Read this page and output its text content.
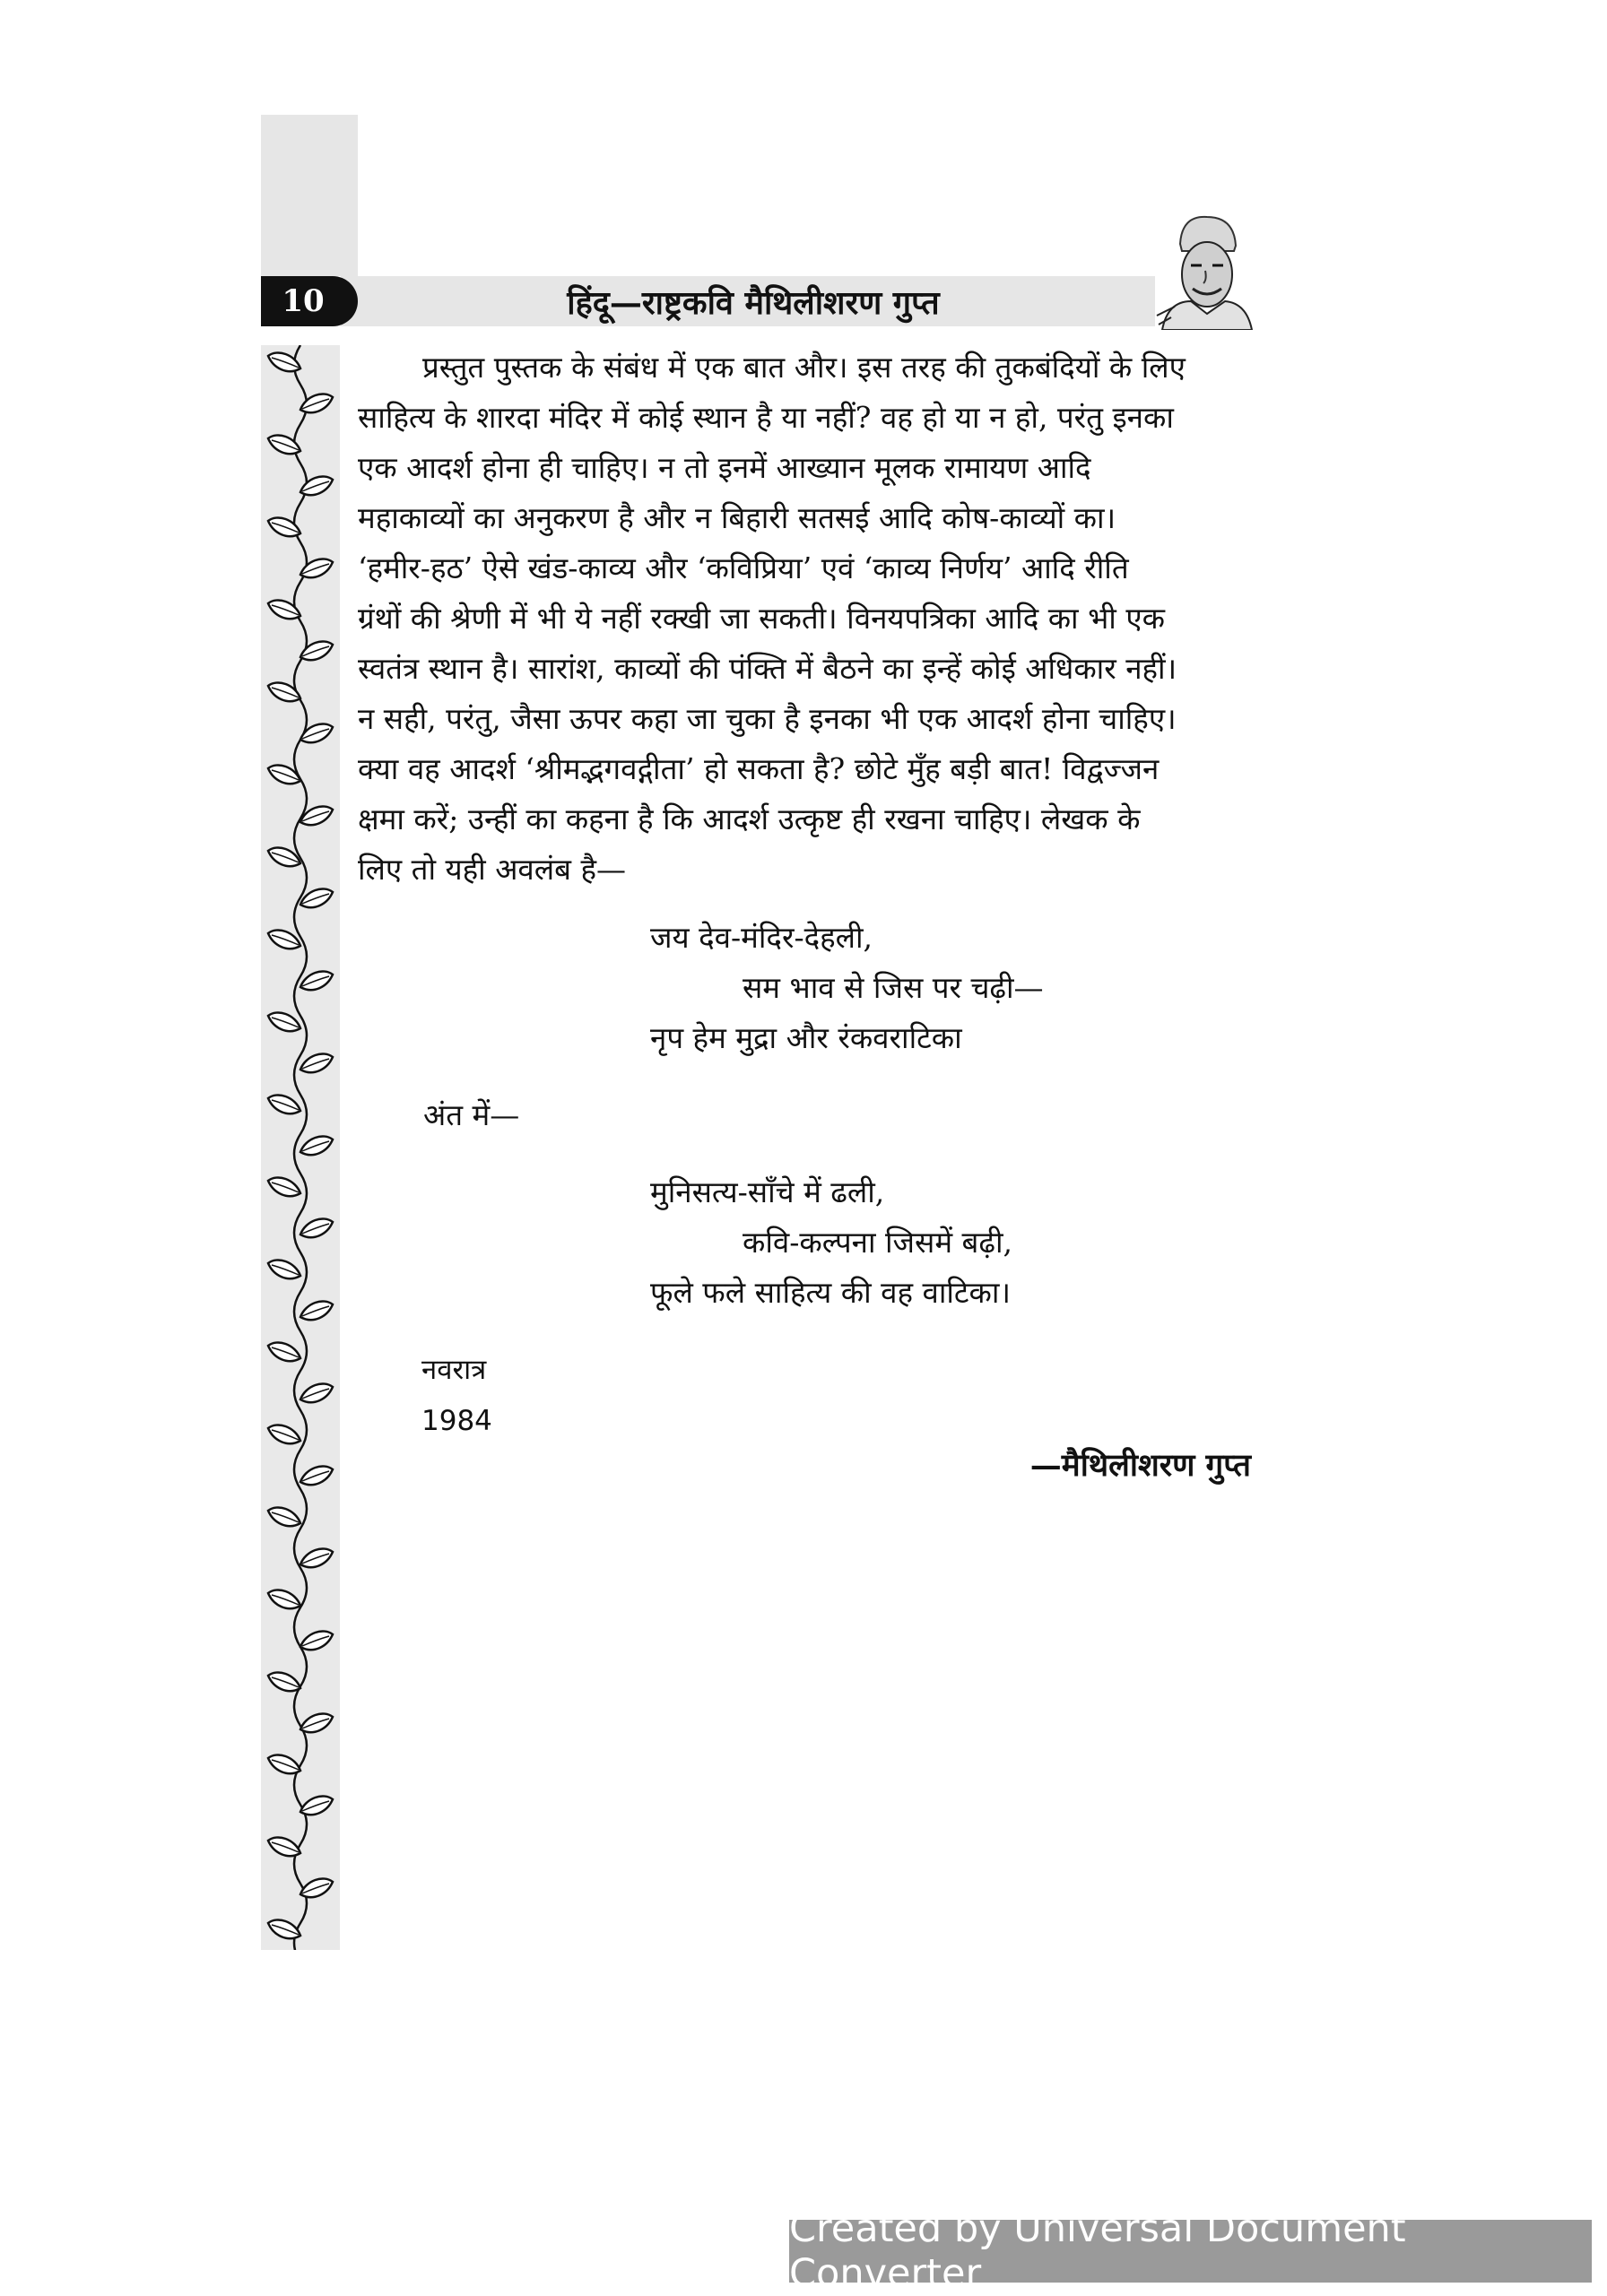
10	हिंदू—राष्ट्रकवि मैथिलीशरण गुप्त
प्रस्तुत पुस्तक के संबंध में एक बात और। इस तरह की तुकबंदियों के लिए
साहित्य के शारदा मंदिर में कोई स्थान है या नहीं? वह हो या न हो, परंतु इनका
एक आदर्श होना ही चाहिए। न तो इनमें आख्यान मूलक रामायण आदि
महाकाव्यों का अनुकरण है और न बिहारी सतसई आदि कोष-काव्यों का।
‘हमीर-हठ’ ऐसे खंड-काव्य और ‘कविप्रिया’ एवं ‘काव्य निर्णय’ आदि रीति
ग्रंथों की श्रेणी में भी ये नहीं रक्खी जा सकती। विनयपत्रिका आदि का भी एक
स्वतंत्र स्थान है। सारांश, काव्यों की पंक्ति में बैठने का इन्हें कोई अधिकार नहीं।
न सही, परंतु, जैसा ऊपर कहा जा चुका है इनका भी एक आदर्श होना चाहिए।
क्या वह आदर्श ‘श्रीमद्भगवद्गीता’ हो सकता है? छोटे मुँह बड़ी बात! विद्वज्जन
क्षमा करें; उन्हीं का कहना है कि आदर्श उत्कृष्ट ही रखना चाहिए। लेखक के
लिए तो यही अवलंब है—
जय देव-मंदिर-देहली,
सम भाव से जिस पर चढ़ी—
नृप हेम मुद्रा और रंकवराटिका
अंत में—
मुनिसत्य-साँचे में ढली,
कवि-कल्पना जिसमें बढ़ी,
फूले फले साहित्य की वह वाटिका।
नवरात्र
1984
—मैथिलीशरण गुप्त
Created by Universal Document Converter
